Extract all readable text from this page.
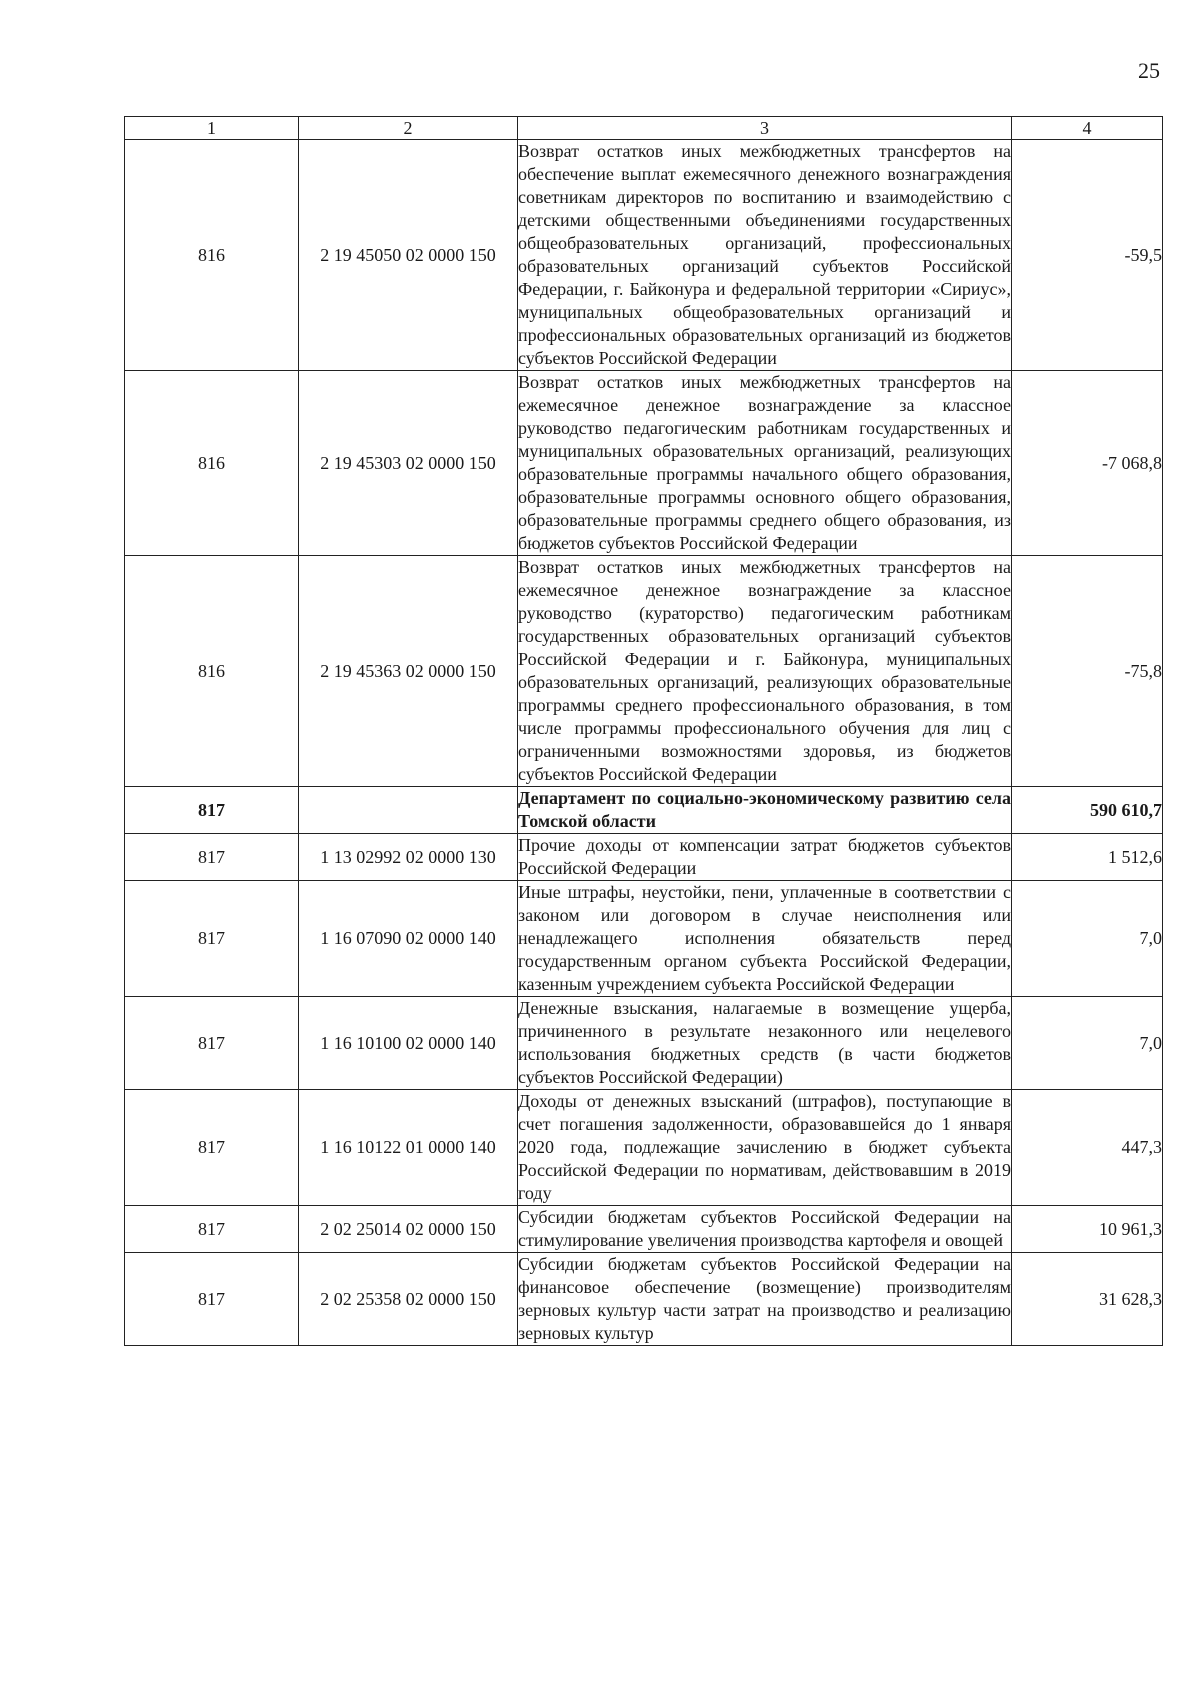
25
1	2	3	4
816	2 19 45050 02 0000 150	Возврат остатков иных межбюджетных трансфертов на обеспечение выплат ежемесячного денежного вознаграждения советникам директоров по воспитанию и взаимодействию с детскими общественными объединениями государственных общеобразовательных организаций, профессиональных образовательных организаций субъектов Российской Федерации, г. Байконура и федеральной территории «Сириус», муниципальных общеобразовательных организаций и профессиональных образовательных организаций из бюджетов субъектов Российской Федерации	-59,5
816	2 19 45303 02 0000 150	Возврат остатков иных межбюджетных трансфертов на ежемесячное денежное вознаграждение за классное руководство педагогическим работникам государственных и муниципальных образовательных организаций, реализующих образовательные программы начального общего образования, образовательные программы основного общего образования, образовательные программы среднего общего образования, из бюджетов субъектов Российской Федерации	-7 068,8
816	2 19 45363 02 0000 150	Возврат остатков иных межбюджетных трансфертов на ежемесячное денежное вознаграждение за классное руководство (кураторство) педагогическим работникам государственных образовательных организаций субъектов Российской Федерации и г. Байконура, муниципальных образовательных организаций, реализующих образовательные программы среднего профессионального образования, в том числе программы профессионального обучения для лиц с ограниченными возможностями здоровья, из бюджетов субъектов Российской Федерации	-75,8
817		Департамент по социально-экономическому развитию села Томской области	590 610,7
817	1 13 02992 02 0000 130	Прочие доходы от компенсации затрат бюджетов субъектов Российской Федерации	1 512,6
817	1 16 07090 02 0000 140	Иные штрафы, неустойки, пени, уплаченные в соответствии с законом или договором в случае неисполнения или ненадлежащего исполнения обязательств перед государственным органом субъекта Российской Федерации, казенным учреждением субъекта Российской Федерации	7,0
817	1 16 10100 02 0000 140	Денежные взыскания, налагаемые в возмещение ущерба, причиненного в результате незаконного или нецелевого использования бюджетных средств (в части бюджетов субъектов Российской Федерации)	7,0
817	1 16 10122 01 0000 140	Доходы от денежных взысканий (штрафов), поступающие в счет погашения задолженности, образовавшейся до 1 января 2020 года, подлежащие зачислению в бюджет субъекта Российской Федерации по нормативам, действовавшим в 2019 году	447,3
817	2 02 25014 02 0000 150	Субсидии бюджетам субъектов Российской Федерации на стимулирование увеличения производства картофеля и овощей	10 961,3
817	2 02 25358 02 0000 150	Субсидии бюджетам субъектов Российской Федерации на финансовое обеспечение (возмещение) производителям зерновых культур части затрат на производство и реализацию зерновых культур	31 628,3
